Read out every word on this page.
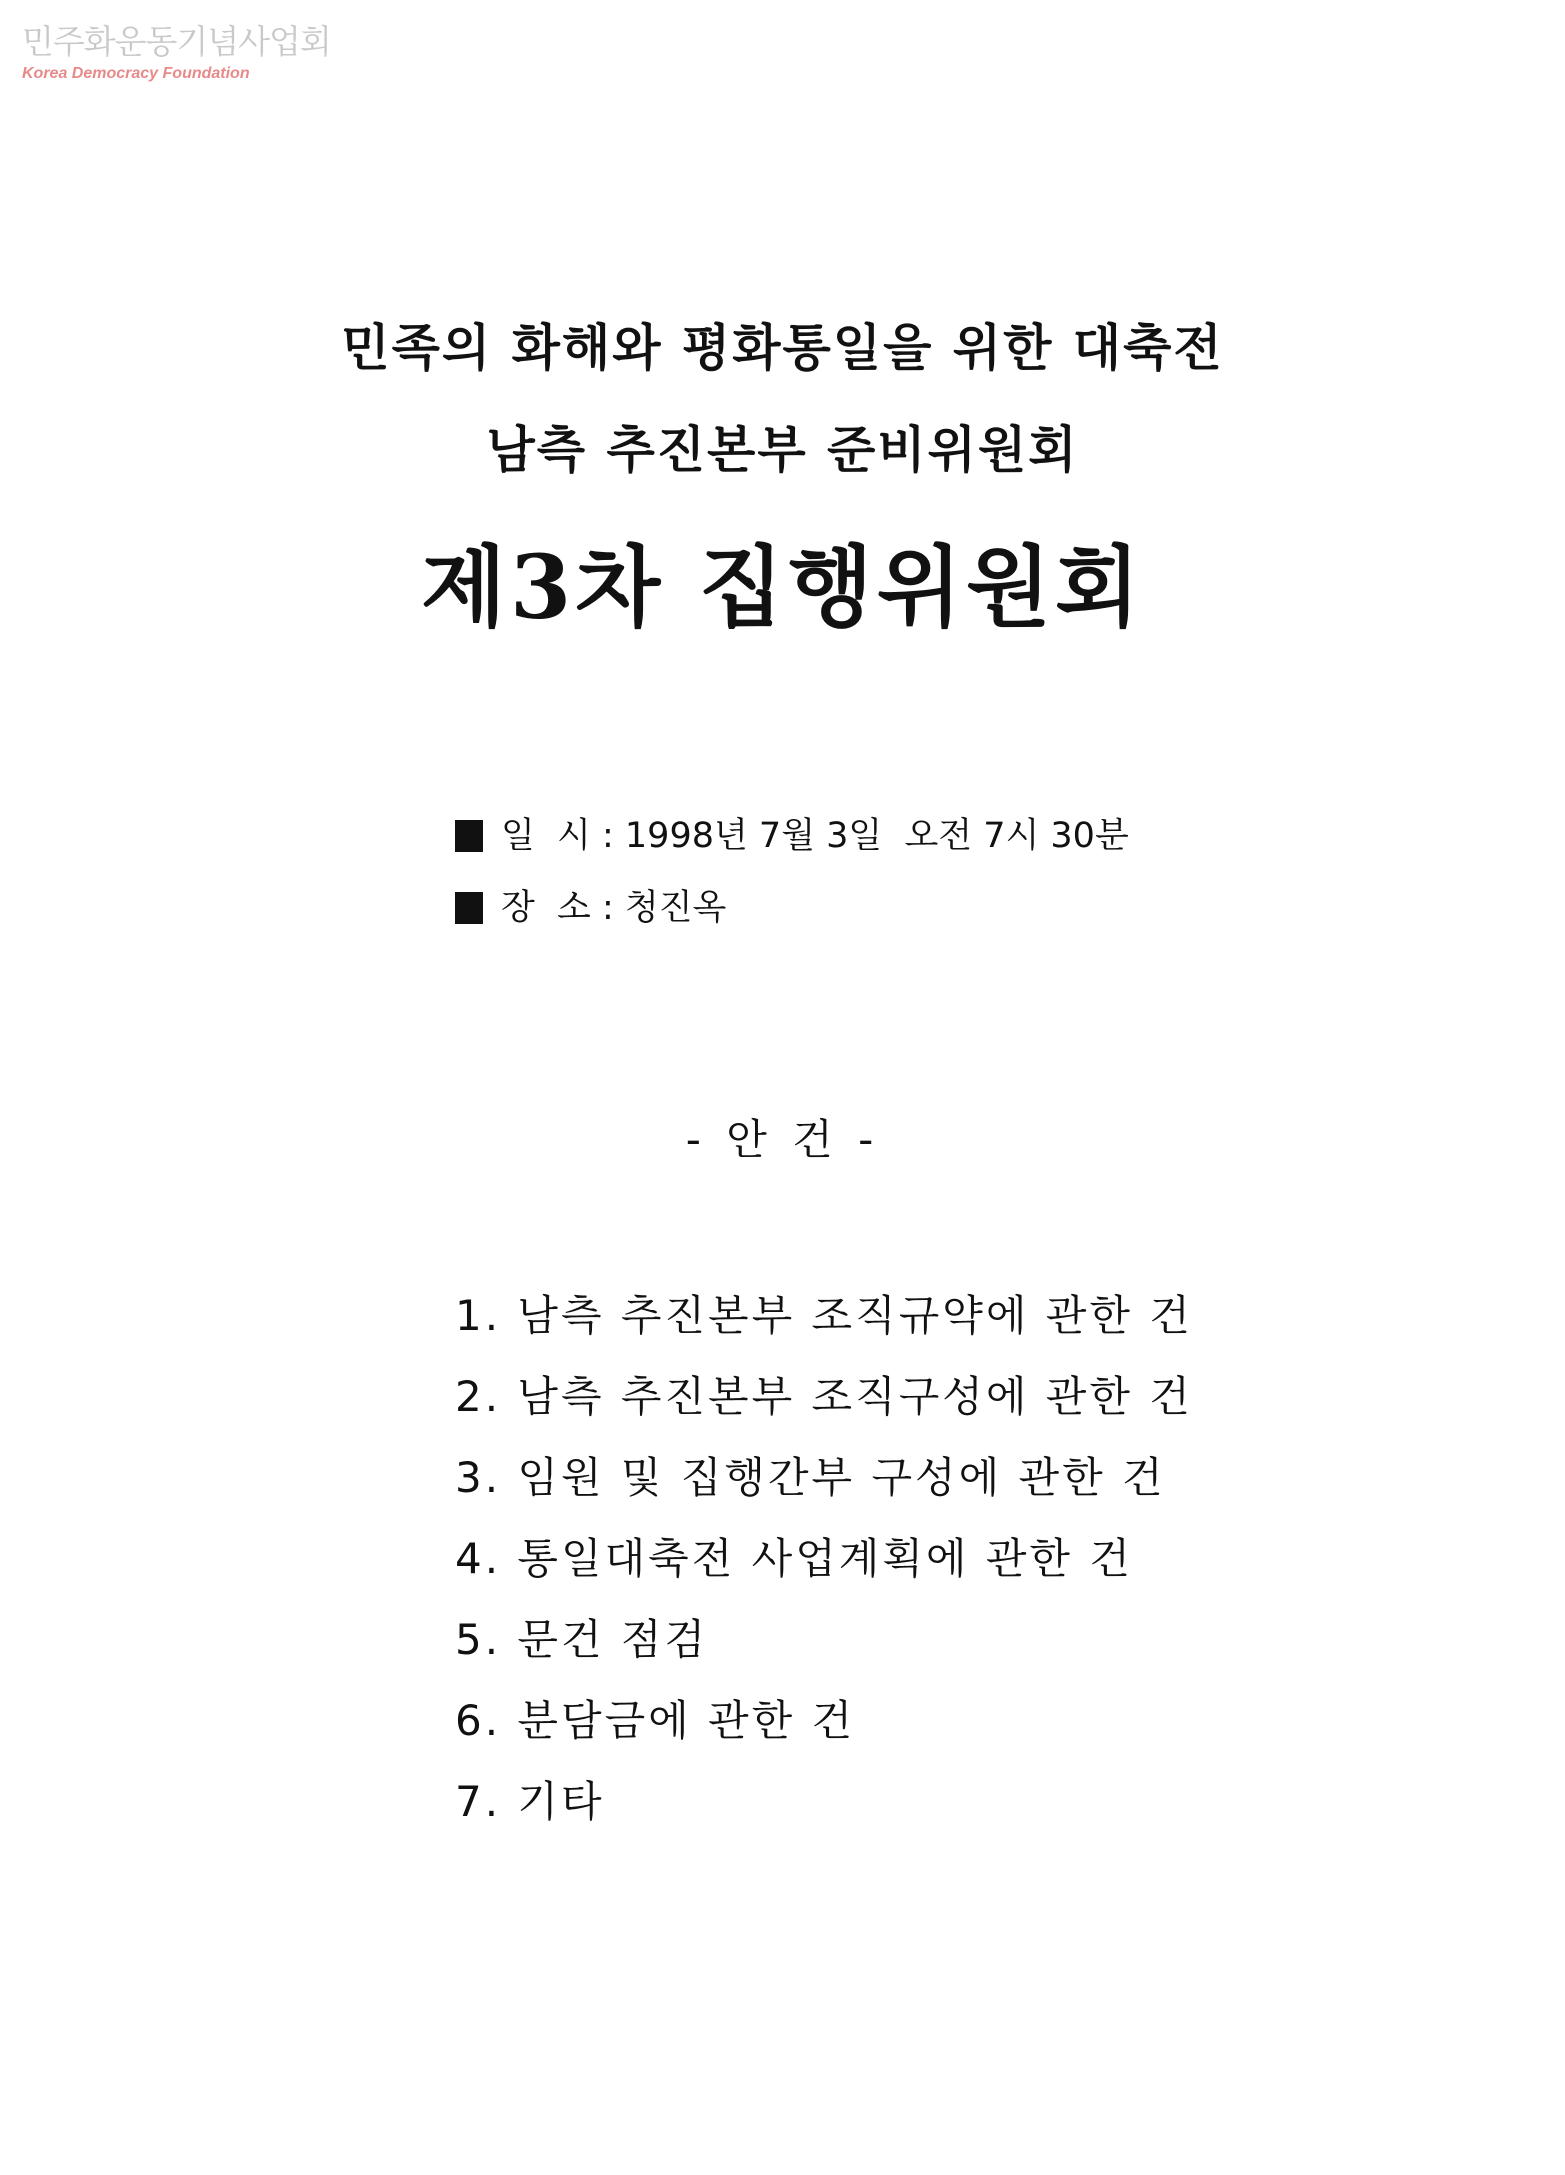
민주화운동기념사업회
Korea Democracy Foundation
민족의 화해와 평화통일을 위한 대축전
남측 추진본부 준비위원회
제3차 집행위원회
일  시 : 1998년 7월 3일  오전 7시 30분
장  소 : 청진옥
- 안 건 -
1. 남측 추진본부 조직규약에 관한 건
2. 남측 추진본부 조직구성에 관한 건
3. 임원 및 집행간부 구성에 관한 건
4. 통일대축전 사업계획에 관한 건
5. 문건 점검
6. 분담금에 관한 건
7. 기타
